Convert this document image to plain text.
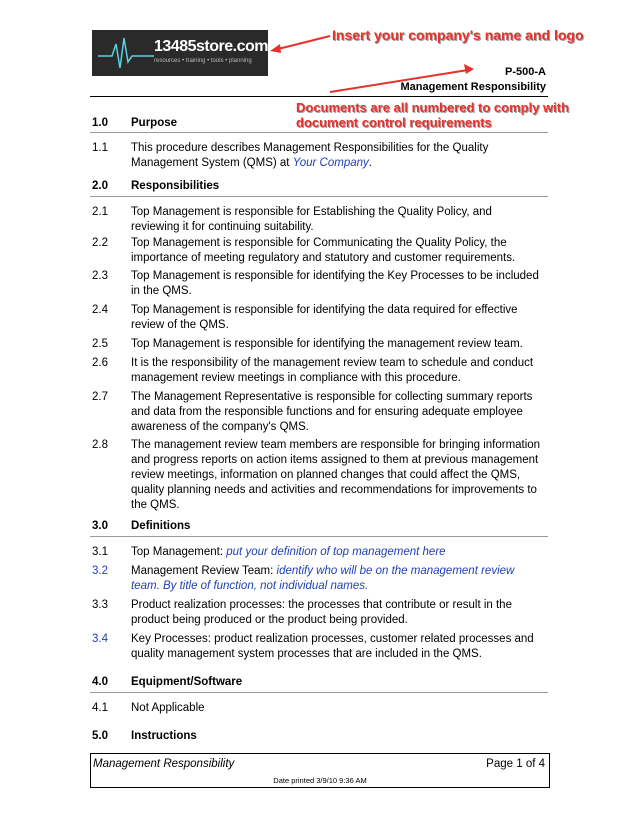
13485store.com
resources • training • tools • planning
Insert your company's name and logo
Documents are all numbered to comply with
document control requirements
P-500-A
Management Responsibility
1.0 Purpose
1.1 This procedure describes Management Responsibilities for the Quality
Management System (QMS) at Your Company.
2.0 Responsibilities
2.1 Top Management is responsible for Establishing the Quality Policy, and
reviewing it for continuing suitability.
2.2 Top Management is responsible for Communicating the Quality Policy, the
importance of meeting regulatory and statutory and customer requirements.
2.3 Top Management is responsible for identifying the Key Processes to be included
in the QMS.
2.4 Top Management is responsible for identifying the data required for effective
review of the QMS.
2.5 Top Management is responsible for identifying the management review team.
2.6 It is the responsibility of the management review team to schedule and conduct
management review meetings in compliance with this procedure.
2.7 The Management Representative is responsible for collecting summary reports
and data from the responsible functions and for ensuring adequate employee
awareness of the company's QMS.
2.8 The management review team members are responsible for bringing information
and progress reports on action items assigned to them at previous management
review meetings, information on planned changes that could affect the QMS,
quality planning needs and activities and recommendations for improvements to
the QMS.
3.0 Definitions
3.1 Top Management: put your definition of top management here
3.2 Management Review Team: identify who will be on the management review
team. By title of function, not individual names.
3.3 Product realization processes: the processes that contribute or result in the
product being produced or the product being provided.
3.4 Key Processes: product realization processes, customer related processes and
quality management system processes that are included in the QMS.
4.0 Equipment/Software
4.1 Not Applicable
5.0 Instructions
Management Responsibility	Page 1 of 4
Date printed 3/9/10 9:36 AM
